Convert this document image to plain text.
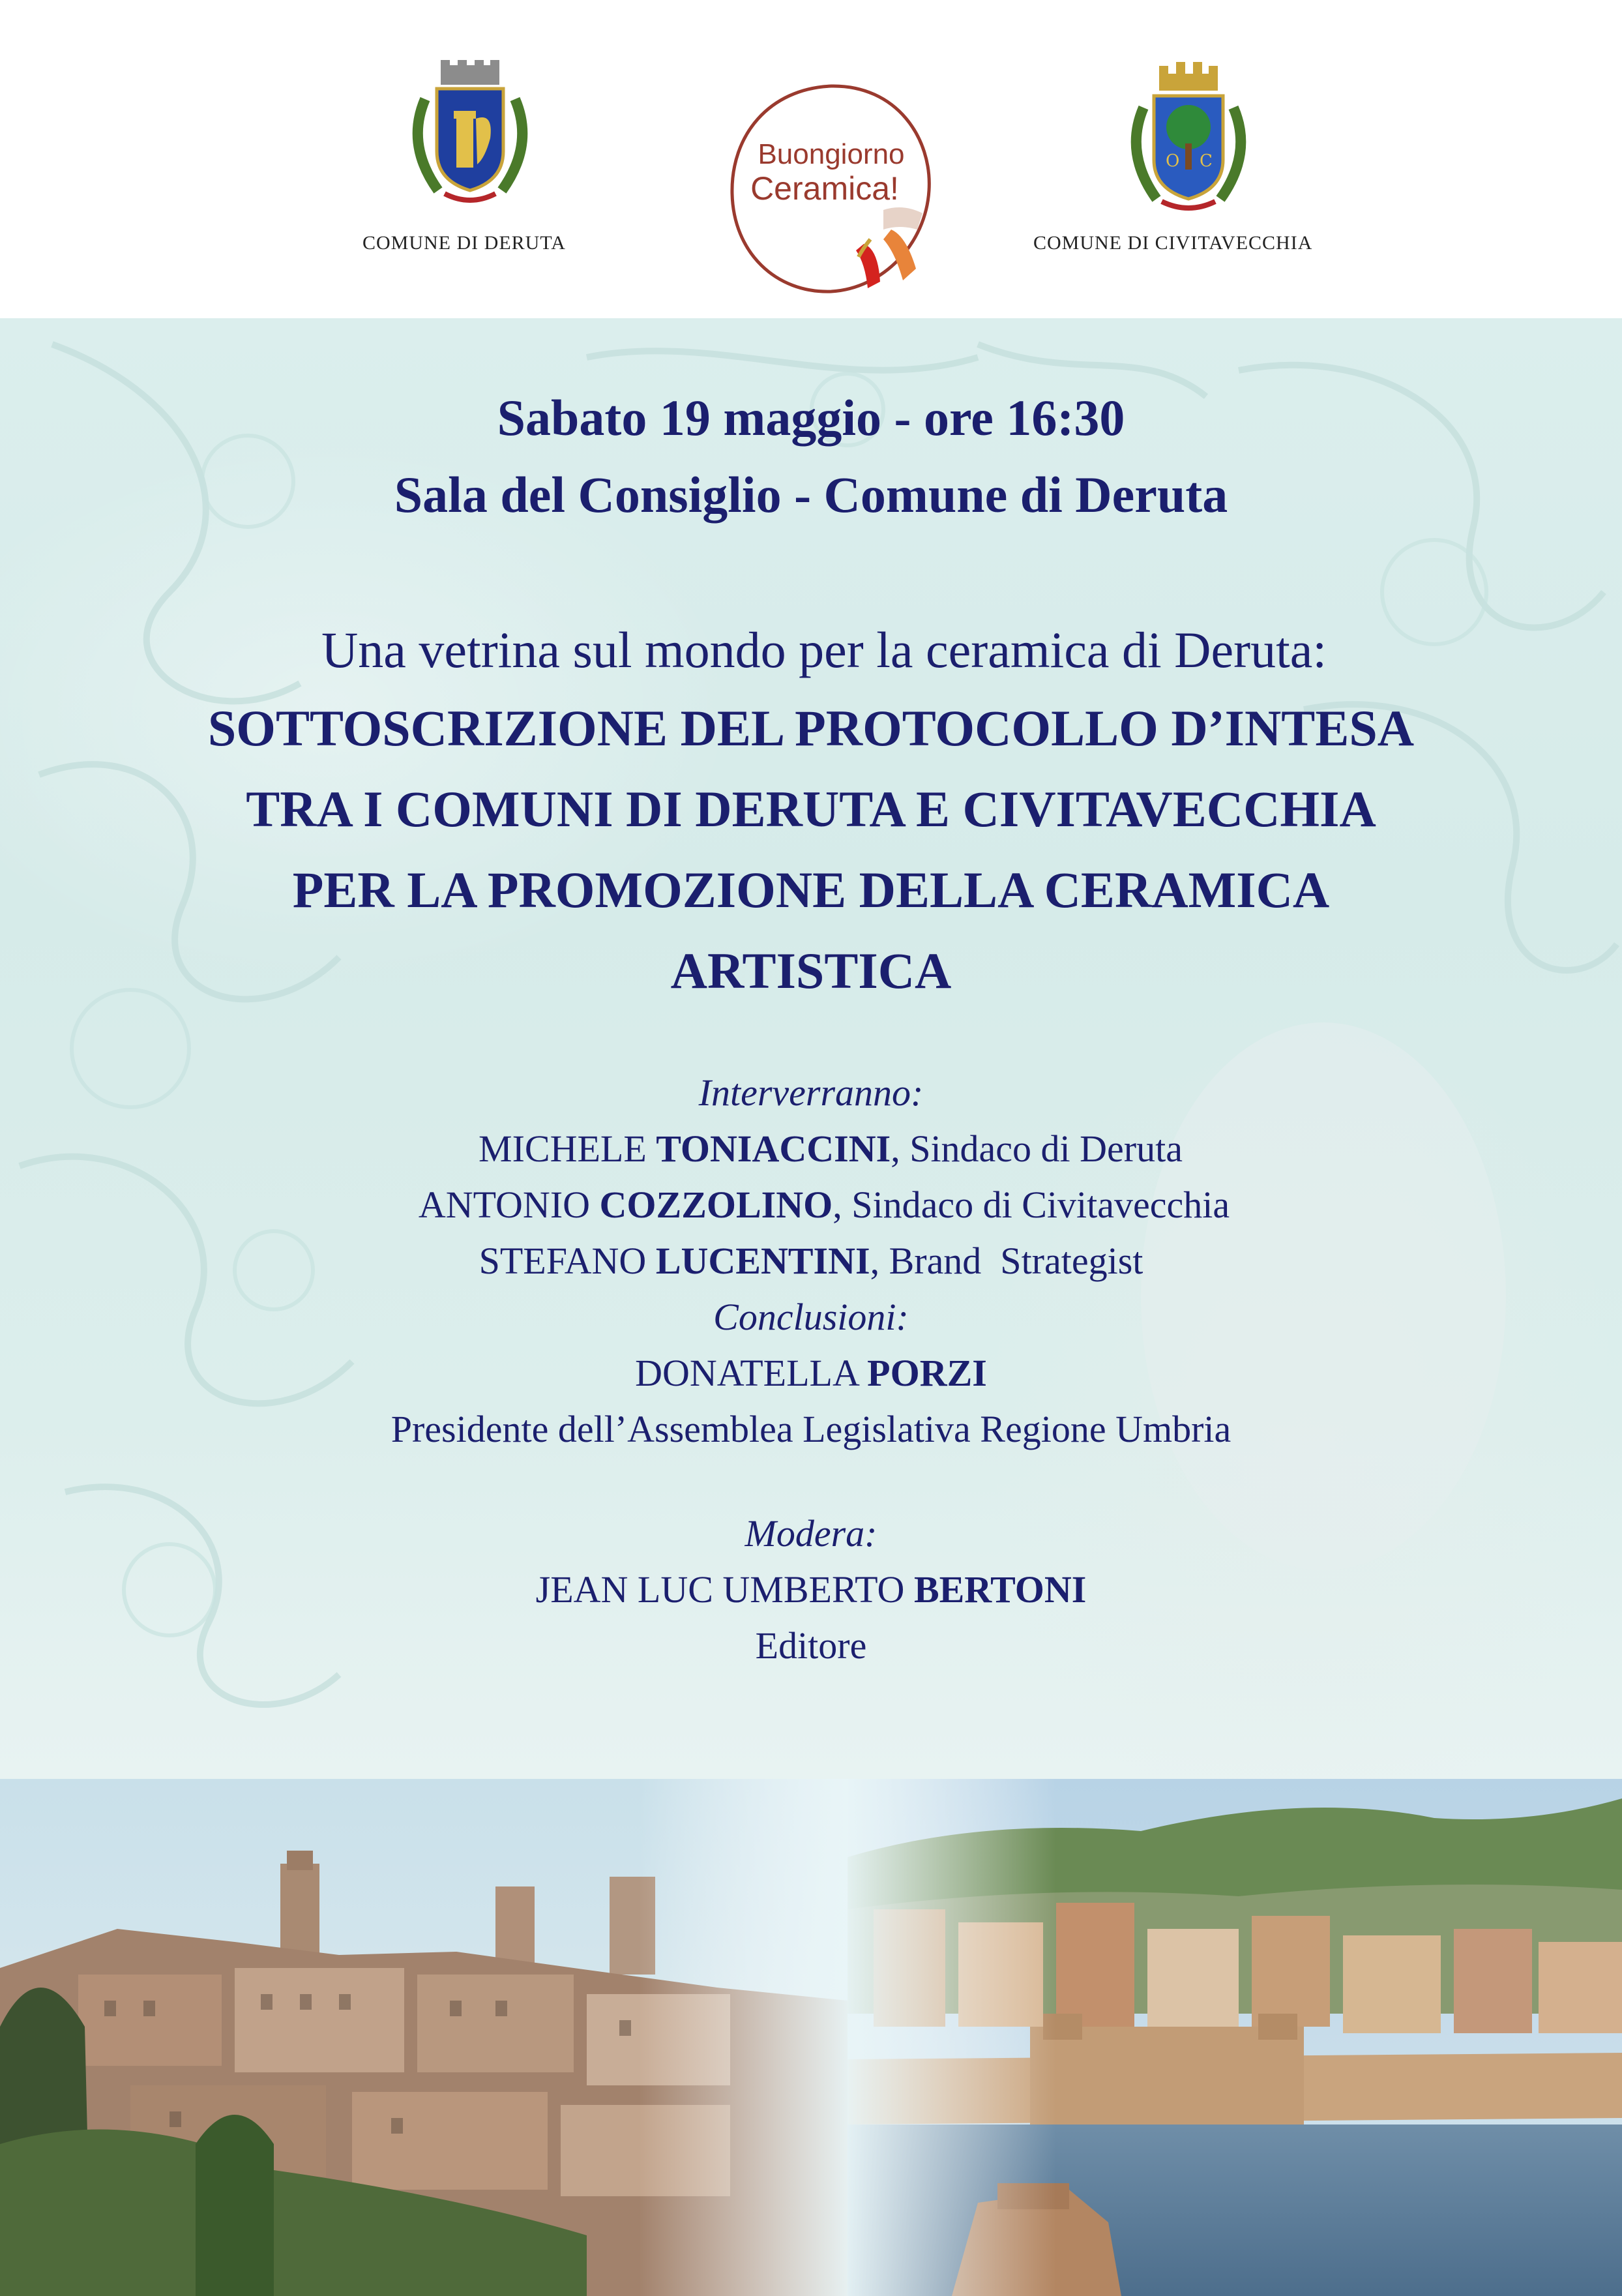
COMUNE DI DERUTA
Buongiorno
Ceramica!
O C
COMUNE DI CIVITAVECCHIA
Sabato 19 maggio - ore 16:30
Sala del Consiglio - Comune di Deruta
Una vetrina sul mondo per la ceramica di Deruta:
SOTTOSCRIZIONE DEL PROTOCOLLO D’INTESA
TRA I COMUNI DI DERUTA E CIVITAVECCHIA
PER LA PROMOZIONE DELLA CERAMICA
ARTISTICA
Interverranno:
MICHELE TONIACCINI, Sindaco di Deruta
ANTONIO COZZOLINO, Sindaco di Civitavecchia
STEFANO LUCENTINI, Brand  Strategist
Conclusioni:
DONATELLA PORZI
Presidente dell’Assemblea Legislativa Regione Umbria
Modera:
JEAN LUC UMBERTO BERTONI
Editore
